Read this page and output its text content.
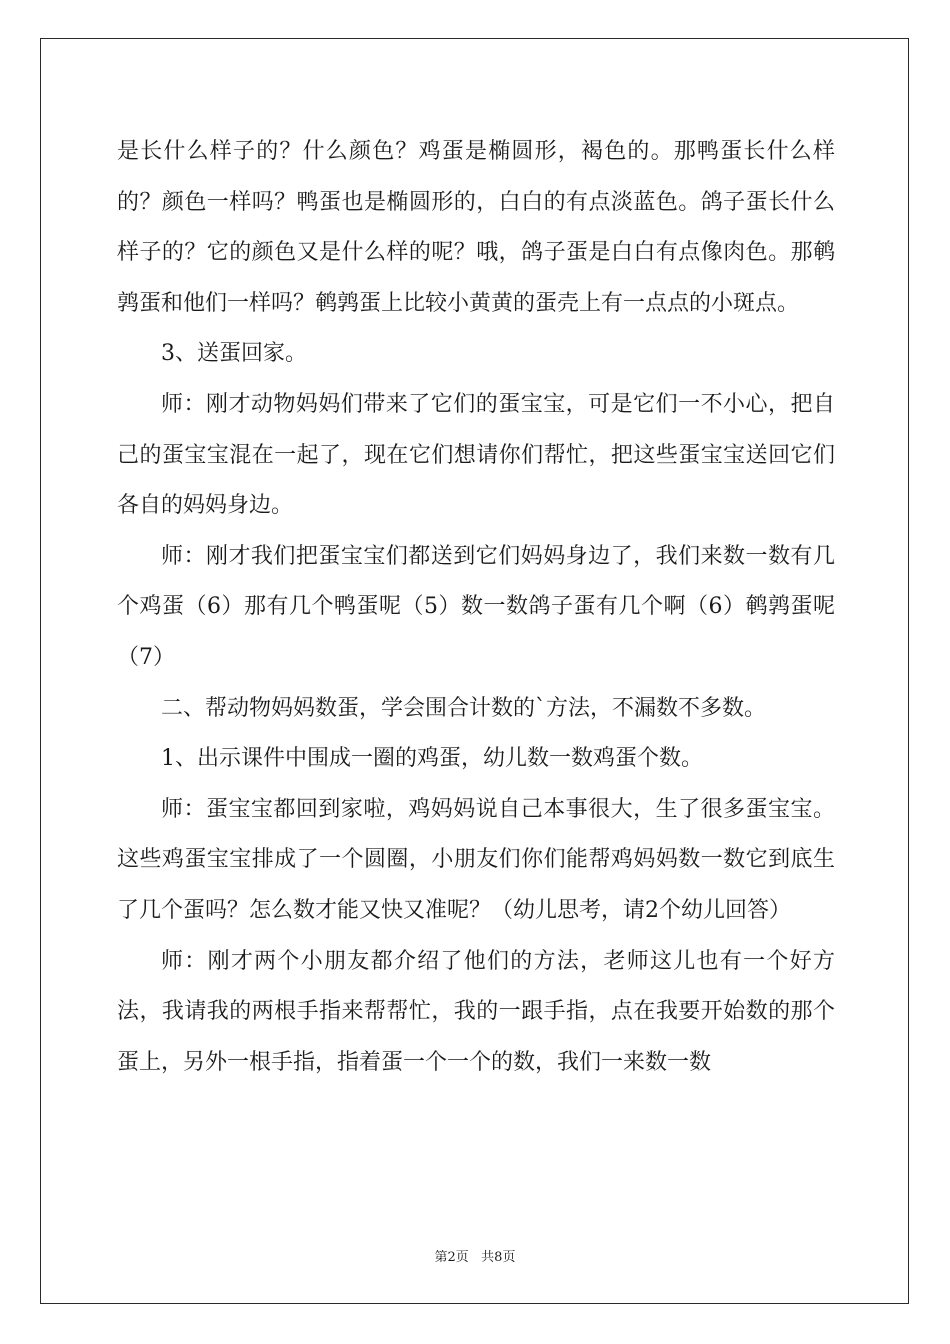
是长什么样子的？什么颜色？鸡蛋是椭圆形，褐色的。那鸭蛋长什么样的？颜色一样吗？鸭蛋也是椭圆形的，白白的有点淡蓝色。鸽子蛋长什么样子的？它的颜色又是什么样的呢？哦，鸽子蛋是白白有点像肉色。那鹌鹑蛋和他们一样吗？鹌鹑蛋上比较小黄黄的蛋壳上有一点点的小斑点。

3、送蛋回家。

师：刚才动物妈妈们带来了它们的蛋宝宝，可是它们一不小心，把自己的蛋宝宝混在一起了，现在它们想请你们帮忙，把这些蛋宝宝送回它们各自的妈妈身边。

师：刚才我们把蛋宝宝们都送到它们妈妈身边了，我们来数一数有几个鸡蛋（6）那有几个鸭蛋呢（5）数一数鸽子蛋有几个啊（6）鹌鹑蛋呢（7）

二、帮动物妈妈数蛋，学会围合计数的`方法，不漏数不多数。

1、出示课件中围成一圈的鸡蛋，幼儿数一数鸡蛋个数。

师：蛋宝宝都回到家啦，鸡妈妈说自己本事很大，生了很多蛋宝宝。这些鸡蛋宝宝排成了一个圆圈，小朋友们你们能帮鸡妈妈数一数它到底生了几个蛋吗？怎么数才能又快又准呢？（幼儿思考，请2个幼儿回答）

师：刚才两个小朋友都介绍了他们的方法，老师这儿也有一个好方法，我请我的两根手指来帮帮忙，我的一跟手指，点在我要开始数的那个蛋上，另外一根手指，指着蛋一个一个的数，我们一来数一数

第2页   共8页
